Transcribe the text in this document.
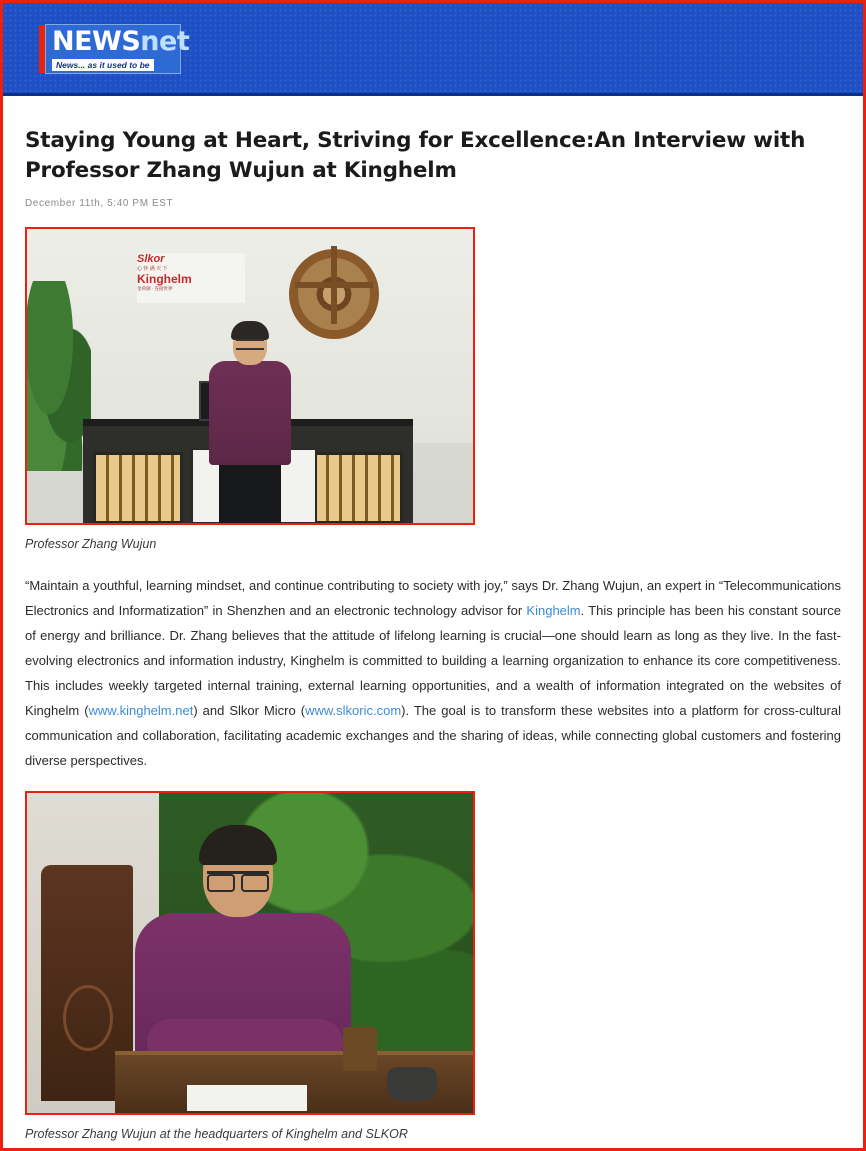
NEWSnet
News... as it used to be
Staying Young at Heart, Striving for Excellence:An Interview with Professor Zhang Wujun at Kinghelm

December 11th, 5:40 PM EST

Slkor
心 怀 满 天 下
Kinghelm
金荷湖 · 连接世界

Professor Zhang Wujun

“Maintain a youthful, learning mindset, and continue contributing to society with joy,” says Dr. Zhang Wujun, an expert in “Telecommunications Electronics and Informatization” in Shenzhen and an electronic technology advisor for Kinghelm. This principle has been his constant source of energy and brilliance. Dr. Zhang believes that the attitude of lifelong learning is crucial—one should learn as long as they live. In the fast-evolving electronics and information industry, Kinghelm is committed to building a learning organization to enhance its core competitiveness. This includes weekly targeted internal training, external learning opportunities, and a wealth of information integrated on the websites of Kinghelm (www.kinghelm.net) and Slkor Micro (www.slkoric.com). The goal is to transform these websites into a platform for cross-cultural communication and collaboration, facilitating academic exchanges and the sharing of ideas, while connecting global customers and fostering diverse perspectives.

Professor Zhang Wujun at the headquarters of Kinghelm and SLKOR
